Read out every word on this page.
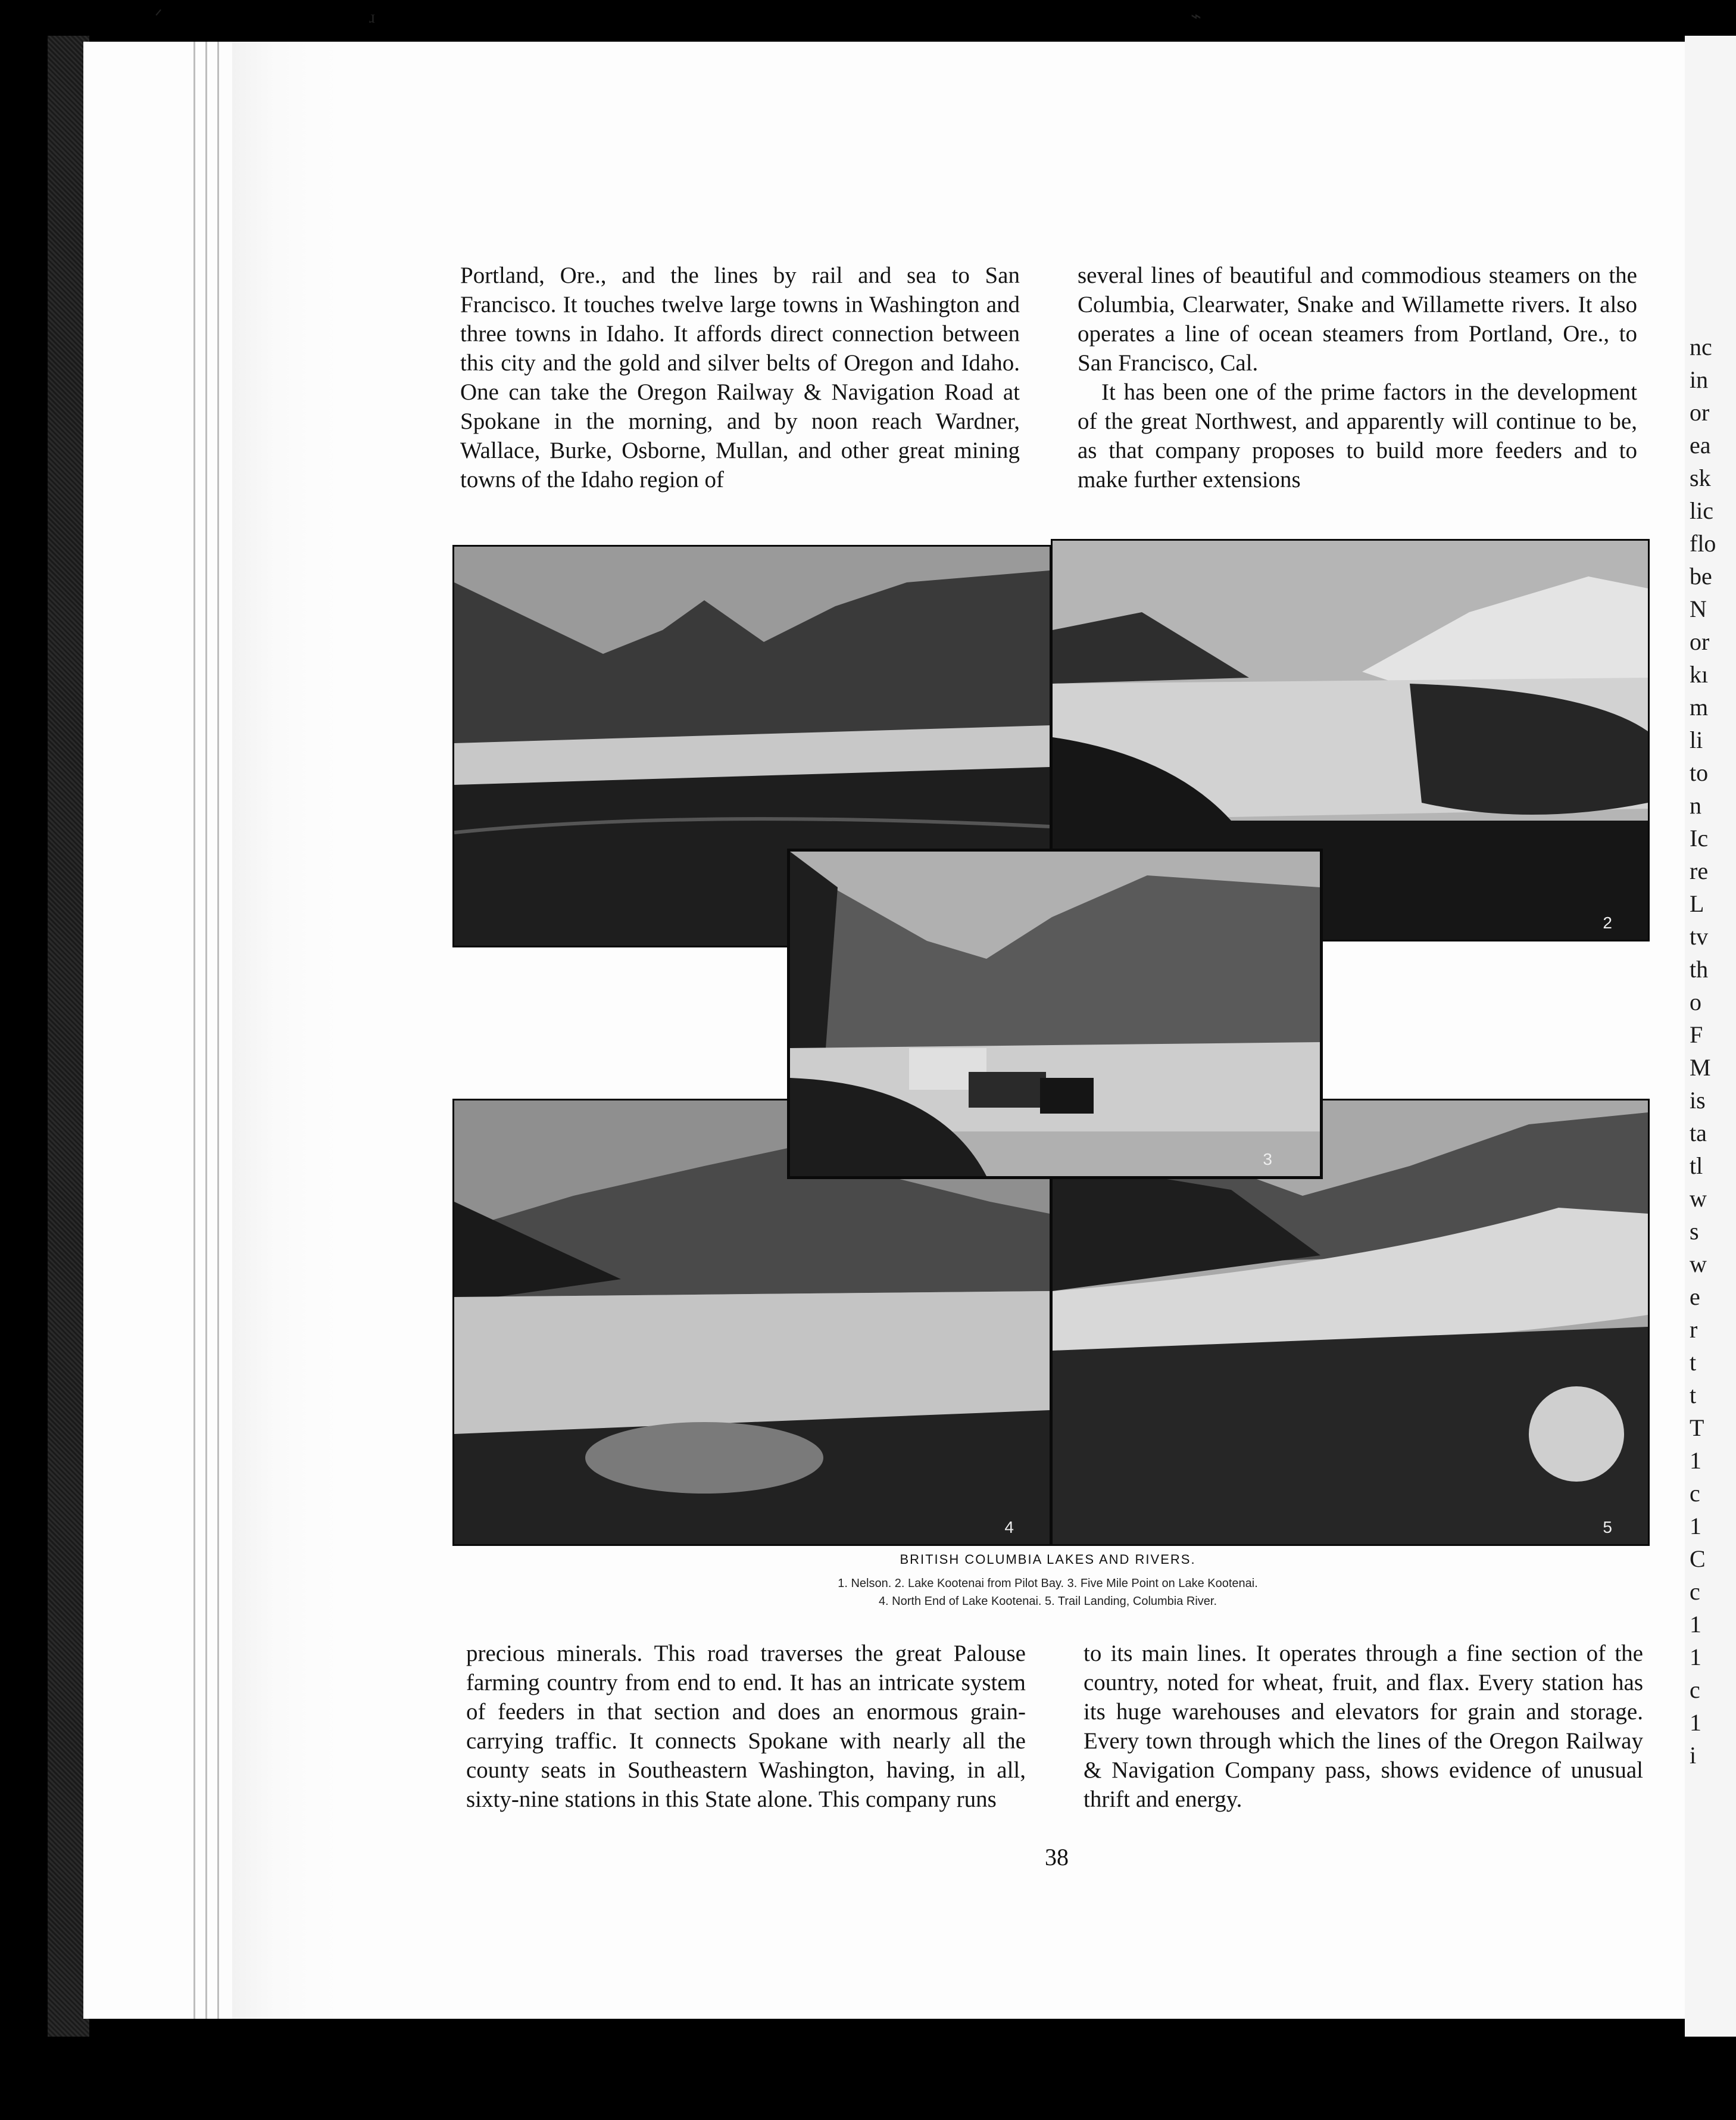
nc
in
or
ea
sk
lic
flo
be
N
or
kı
m
li
to
n
Ic
re
L
tv
th
o
F
M
is
ta
tl
w
s
w
e
r
t
t
T
1
c
1
C
c
1
1
c
1
i
ᐟ	ɹ	⌁

Portland, Ore., and the lines by rail and sea to San Francisco. It touches twelve large towns in Washington and three towns in Idaho. It affords direct connection between this city and the gold and silver belts of Oregon and Idaho. One can take the Oregon Railway & Navigation Road at Spokane in the morning, and by noon reach Wardner, Wallace, Burke, Osborne, Mullan, and other great mining towns of the Idaho region of

several lines of beautiful and commodious steamers on the Columbia, Clearwater, Snake and Willamette rivers. It also operates a line of ocean steamers from Portland, Ore., to San Francisco, Cal.

It has been one of the prime factors in the development of the great Northwest, and apparently will continue to be, as that company proposes to build more feeders and to make further extensions

2
4	5
3
BRITISH COLUMBIA LAKES AND RIVERS.
1. Nelson. 2. Lake Kootenai from Pilot Bay. 3. Five Mile Point on Lake Kootenai.
4. North End of Lake Kootenai. 5. Trail Landing, Columbia River.

precious minerals. This road traverses the great Palouse farming country from end to end. It has an intricate system of feeders in that section and does an enormous grain-carrying traffic. It connects Spokane with nearly all the county seats in Southeastern Washington, having, in all, sixty-nine stations in this State alone. This company runs

to its main lines. It operates through a fine section of the country, noted for wheat, fruit, and flax. Every station has its huge warehouses and elevators for grain and storage. Every town through which the lines of the Oregon Railway & Navigation Company pass, shows evidence of unusual thrift and energy.

38
